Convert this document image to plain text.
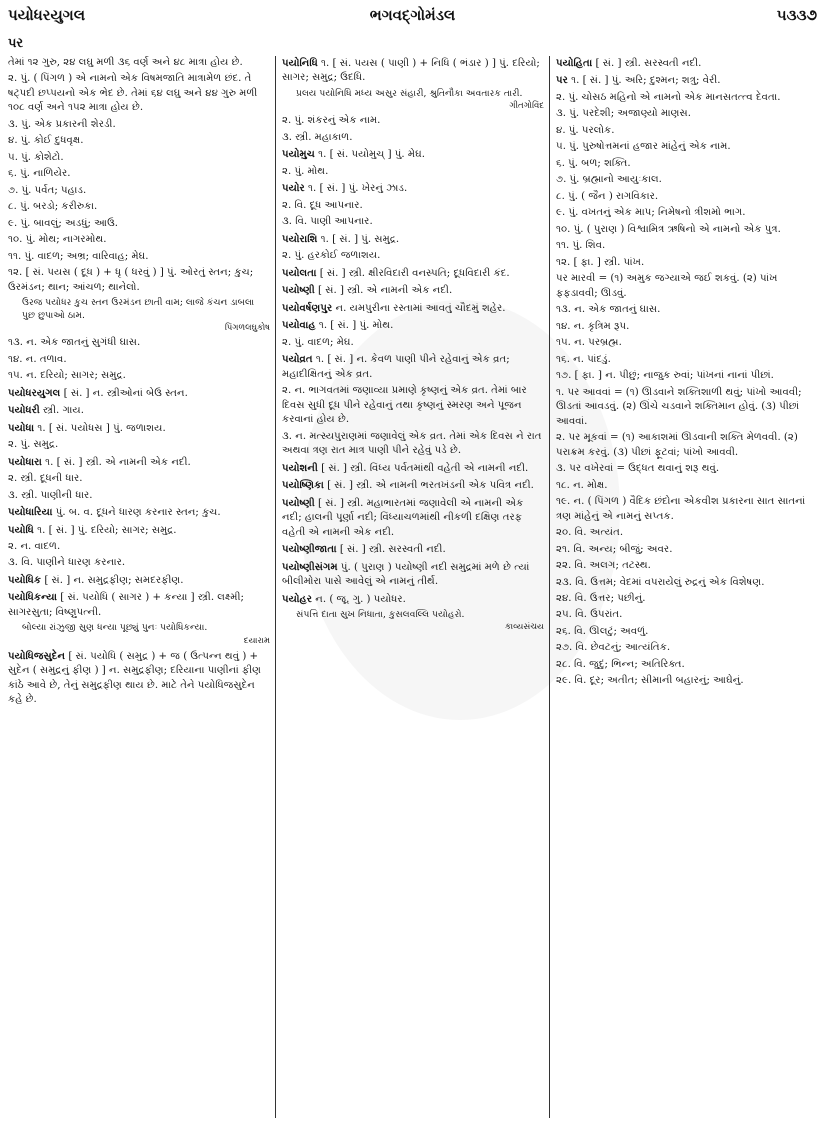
પયોધરયુગલ	ભગવદ્ગોમંડલ	૫૩૩૭
પર
તેમાં ૧૨ ગુરુ, ૨૪ લઘુ મળી ૩૬ વર્ણ અને ૪૮ માત્રા હોય છે.
૨. પું. ( પિંગળ ) એ નામનો એક વિષમજાતિ માત્રામેળ છંદ. તે ષટ્પદી છપ્પયનો એક ભેદ છે. તેમાં ૬૪ લઘુ અને ૪૪ ગુરુ મળી ૧૦૮ વર્ણ અને ૧૫૨ માત્રા હોય છે.
૩. પું. એક પ્રકારની શેરડી.
૪. પું. કોઈ દુધવૃક્ષ.
૫. પું. કોશેટો.
૬. પું. નાળિયેર.
૭. પું. પર્વત; પહાડ.
૮. પું. બરડો; કરીરુકા.
૯. પું. બાવલું; અડધું; આઉ.
૧૦. પું. મોથ; નાગરમોથ.
૧૧. પું. વાદળ; અભ્ર; વારિવાહ; મેઘ.
૧૨. [ સં. પયસ ( દૂધ ) + ધૃ ( ધરવું ) ] પું. ઓરતું સ્તન; કુચ; ઉરમંડન; થાન; આંચળ; થાનેલો.
ઉરજ પયોધર કુચ સ્તન ઉરમંડન છાતી વામ; લાજે કંચન ડાબલા પુછ છુપાઓ ઠામ.
પિંગળલઘુકોષ
૧૩. ન. એક જાતનું સુગંધી ઘાસ.
૧૪. ન. તળાવ.
૧૫. ન. દરિયો; સાગર; સમુદ્ર.
પયોધરયુગલ [ સં. ] ન. સ્ત્રીઓનાં બેઉ સ્તન.
પયોધરી સ્ત્રી. ગાય.
પયોધા ૧. [ સં. પયોધસ ] પું. જળાશય.
૨. પું. સમુદ્ર.
પયોધારા ૧. [ સં. ] સ્ત્રી. એ નામની એક નદી.
૨. સ્ત્રી. દૂધની ધાર.
૩. સ્ત્રી. પાણીની ધાર.
પયોધારિયા પું. બ. વ. દૂધને ધારણ કરનાર સ્તન; કુચ.
પયોધિ ૧. [ સં. ] પું. દરિયો; સાગર; સમુદ્ર.
૨. ન. વાદળ.
૩. વિ. પાણીને ધારણ કરનાર.
પયોધિક [ સં. ] ન. સમુદ્રફીણ; સમદરફીણ.
પયોધિકન્યા [ સં. પયોધિ ( સાગર ) + કન્યા ] સ્ત્રી. લક્ષ્મી; સાગરસુતા; વિષ્ણુપત્ની.
બોલ્યા રાંઝુજી સુણ ધન્યા પૂછ્યું પુનઃ પયોધિકન્યા.
દયારામ
પયોધિજસુદેન [ સં. પયોધિ ( સમુદ્ર ) + જ ( ઉત્પન્ન થવું ) + સુદેન ( સમુદ્રનું ફીણ ) ] ન. સમુદ્રફીણ; દરિયાના પાણીનાં ફીણ કાંઠે આવે છે, તેનું સમુદ્રફીણ થાય છે. માટે તેને પયોધિજસુદેન કહે છે.
પયોનિધિ ૧. [ સં. પયસ ( પાણી ) + નિધિ ( ભંડાર ) ] પું. દરિયો; સાગર; સમુદ્ર; ઉદધિ.
પ્રલય પયોનિધિ મધ્ય અસુર સંહારી, શ્રુતિનૌકા અવતારક તારી.
ગીતગોવિંદ
૨. પું. શંકરનું એક નામ.
૩. સ્ત્રી. મહાકાળ.
પયોમુચ ૧. [ સં. પયોમુચ્ ] પું. મેઘ.
૨. પું. મોથ.
પયોર ૧. [ સં. ] પું. ખેરનું ઝાડ.
૨. વિ. દૂધ આપનાર.
૩. વિ. પાણી આપનાર.
પયોરાશિ ૧. [ સં. ] પું. સમુદ્ર.
૨. પું. હરકોઈ જળાશય.
પયોલતા [ સં. ] સ્ત્રી. ક્ષીરવિદારી વનસ્પતિ; દૂધવિદારી કંદ.
પયોષ્ણી [ સં. ] સ્ત્રી. એ નામની એક નદી.
પયોવર્ષણપુર ન. યમપુરીના રસ્તામાં આવતું ચૌદમું શહેર.
પયોવાહ ૧. [ સં. ] પું. મોથ.
૨. પું. વાદળ; મેઘ.
પયોવ્રત ૧. [ સં. ] ન. કેવળ પાણી પીને રહેવાનું એક વ્રત; મહાદીક્ષિતનું એક વ્રત.
૨. ન. ભાગવતમાં જણાવ્યા પ્રમાણે કૃષ્ણનું એક વ્રત. તેમાં બાર દિવસ સુધી દૂધ પીને રહેવાનું તથા કૃષ્ણનું સ્મરણ અને પૂજન કરવાનાં હોય છે.
૩. ન. મત્સ્યપુરાણમાં જણાવેલું એક વ્રત. તેમાં એક દિવસ ને રાત અથવા ત્રણ રાત માત્ર પાણી પીને રહેવું પડે છે.
પયોશની [ સં. ] સ્ત્રી. વિંધ્ય પર્વતમાંથી વહેતી એ નામની નદી.
પયોષ્ણિકા [ સં. ] સ્ત્રી. એ નામની ભરતખંડની એક પવિત્ર નદી.
પયોષ્ણી [ સં. ] સ્ત્રી. મહાભારતમાં જણાવેલી એ નામની એક નદી; હાલની પૂર્ણા નદી; વિંધ્યાચળમાંથી નીકળી દક્ષિણ તરફ વહેતી એ નામની એક નદી.
પયોષ્ણીજાતા [ સં. ] સ્ત્રી. સરસ્વતી નદી.
પયોષ્ણીસંગમ પું. ( પુરાણ ) પયોષ્ણી નદી સમુદ્રમાં મળે છે ત્યાં બીલીમોરા પાસે આવેલું એ નામનું તીર્થ.
પયોહર ન. ( જૂ. ગુ. ) પયોધર.
સંપત્તિ દાતા સુખ નિધાતા, કુસલવલ્લિ પયોહરો.
કાવ્યસંચય
પયોહિતા [ સં. ] સ્ત્રી. સરસ્વતી નદી.
પર ૧. [ સં. ] પું. અરિ; દુશ્મન; શત્રુ; વેરી.
૨. પું. ચોસઠ મહિનો એ નામનો એક માનસતત્ત્વ દેવતા.
૩. પું. પરદેશી; અજાણ્યો માણસ.
૪. પું. પરલોક.
૫. પું. પુરુષોત્તમનાં હજાર માંહેનું એક નામ.
૬. પું. બળ; શક્તિ.
૭. પું. બ્રહ્માનો આયુઃકાલ.
૮. પું. ( જૈન ) રાગવિકાર.
૯. પું. વખતનું એક માપ; નિમેષનો ત્રીશમો ભાગ.
૧૦. પું. ( પુરાણ ) વિશ્વામિત્ર ઋષિનો એ નામનો એક પુત્ર.
૧૧. પું. શિવ.
૧૨. [ ફા. ] સ્ત્રી. પાંખ.
પર મારવી = (૧) અમુક જગ્યાએ જઈ શકવું. (૨) પાંખ ફફડાવવી; ઊડવું.
૧૩. ન. એક જાતનું ઘાસ.
૧૪. ન. કૃત્રિમ રૂપ.
૧૫. ન. પરબ્રહ્મ.
૧૬. ન. પાંદડું.
૧૭. [ ફા. ] ન. પીછું; નાજુક રુવાં; પાંખનાં નાનાં પીછાં.
૧. પર આવવાં = (૧) ઊડવાને શક્તિશાળી થવું; પાંખો આવવી; ઊડતાં આવડવું. (૨) ઊંચે ચડવાને શક્તિમાન હોવું. (૩) પીછાં આવવાં.
૨. પર મૂકવાં = (૧) આકાશમાં ઊડવાની શક્તિ મેળવવી. (૨) પરાક્રમ કરવું. (૩) પીછાં ફૂટવાં; પાંખો આવવી.
૩. પર વખેરવાં = ઉદ્ધત થવાનું શરૂ થવું.
૧૮. ન. મોક્ષ.
૧૯. ન. ( પિંગળ ) વૈદિક છંદોના એકવીશ પ્રકારના સાત સાતનાં ત્રણ માંહેનું એ નામનું સપ્તક.
૨૦. વિ. અત્યંત.
૨૧. વિ. અન્ય; બીજું; અવર.
૨૨. વિ. અલગ; તટસ્થ.
૨૩. વિ. ઉત્તમ; વેદમાં વપરાયેલું રુદ્રનું એક વિશેષણ.
૨૪. વિ. ઉત્તર; પછીનું.
૨૫. વિ. ઉપરાંત.
૨૬. વિ. ઊલટું; અવળું.
૨૭. વિ. છેવટનું; આત્યંતિક.
૨૮. વિ. જુદું; ભિન્ન; અતિરિક્ત.
૨૯. વિ. દૂર; અતીત; સીમાની બહારનું; આઘેનું.
